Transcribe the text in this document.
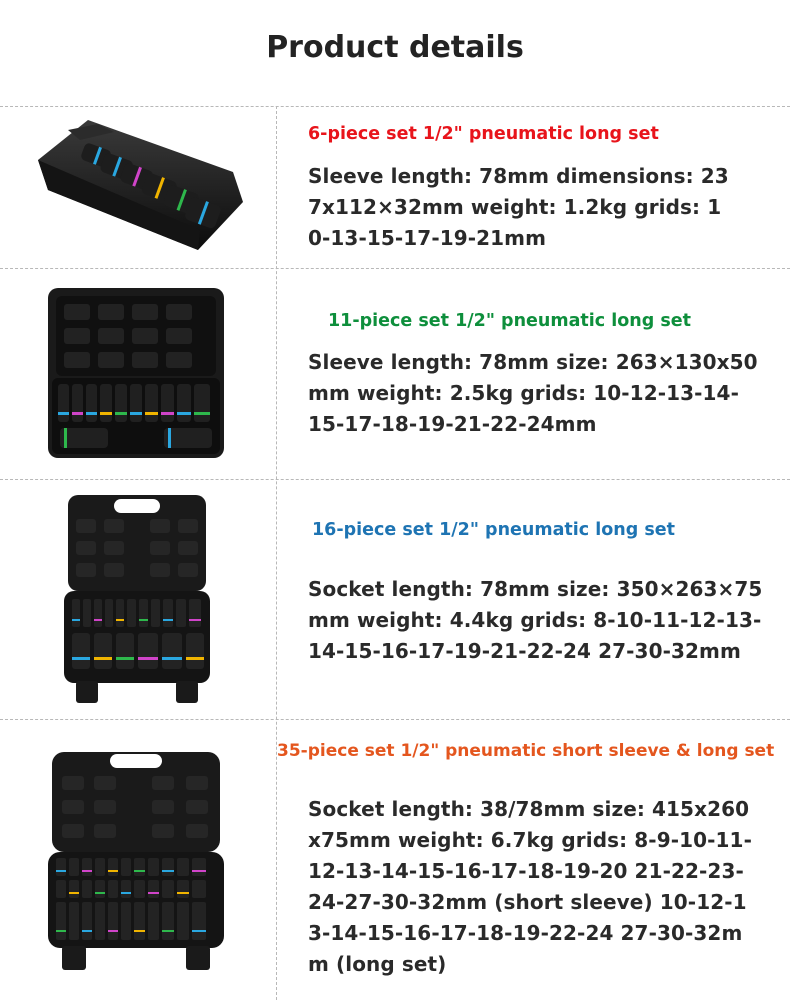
Product details
6-piece set 1/2" pneumatic long set
Sleeve length: 78mm dimensions: 23
7x112×32mm weight: 1.2kg grids: 1
0-13-15-17-19-21mm
11-piece set 1/2" pneumatic long set
Sleeve length: 78mm size: 263×130x50
mm weight: 2.5kg grids: 10-12-13-14-
15-17-18-19-21-22-24mm
16-piece set 1/2" pneumatic long set
Socket length: 78mm size: 350×263×75
mm weight: 4.4kg grids: 8-10-11-12-13-
14-15-16-17-19-21-22-24 27-30-32mm
35-piece set 1/2" pneumatic short sleeve & long set
Socket length: 38/78mm size: 415x260
x75mm weight: 6.7kg grids: 8-9-10-11-
12-13-14-15-16-17-18-19-20 21-22-23-
24-27-30-32mm (short sleeve) 10-12-1
3-14-15-16-17-18-19-22-24 27-30-32m
m (long set)
